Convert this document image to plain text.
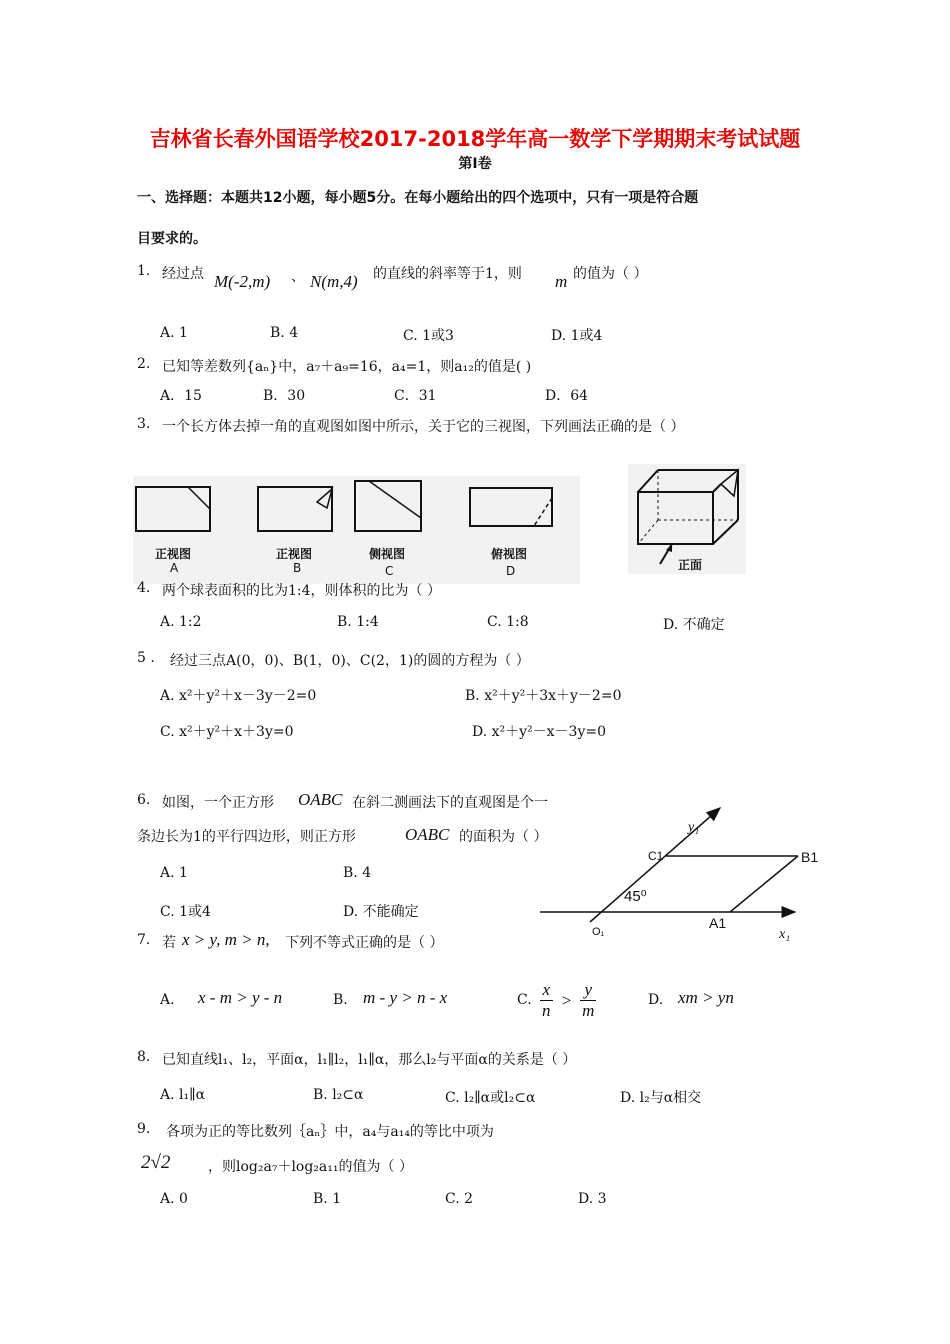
吉林省长春外国语学校2017-2018学年高一数学下学期期末考试试题
第Ⅰ卷
一、选择题：本题共12小题，每小题5分。在每小题给出的四个选项中，只有一项是符合题
目要求的。
1. 经过点 M(-2,m) 、 N(m,4) 的直线的斜率等于1，则 m 的值为（ ）
A. 1	B. 4	C. 1或3	D. 1或4
2. 已知等差数列{aₙ}中，a₇＋a₉=16，a₄=1，则a₁₂的值是( )
A．15	B．30	C．31	D．64
3. 一个长方体去掉一角的直观图如图中所示，关于它的三视图，下列画法正确的是（ ）
正视图
A
正视图
B
侧视图
C
俯视图
D	正面
4. 两个球表面积的比为1:4，则体积的比为（ ）
A. 1:2	B. 1:4	C. 1:8	D. 不确定
5 . 经过三点A(0，0)、B(1，0)、C(2，1)的圆的方程为（ ）
A. x²＋y²＋x－3y－2=0	B. x²＋y²＋3x＋y－2=0
C. x²＋y²＋x＋3y=0	D. x²＋y²－x－3y=0
6. 如图，一个正方形 OABC 在斜二测画法下的直观图是个一
条边长为1的平行四边形，则正方形	OABC 的面积为（ ）
A. 1	B. 4
C. 1或4	D. 不能确定
y₁
C1	B1
45⁰
A1
O₁	x₁
7. 若 x > y, m > n, 下列不等式正确的是（ ）
A. x - m > y - n	B. m - y > n - x	C. $\frac{x}{n} > \frac{y}{m}$	D. xm > yn
8. 已知直线l₁、l₂，平面α，l₁∥l₂，l₁∥α，那么l₂与平面α的关系是（ ）
A. l₁∥α	B. l₂⊂α	C. l₂∥α或l₂⊂α	D. l₂与α相交
9. 各项为正的等比数列｛aₙ｝中，a₄与a₁₄的等比中项为
2√2	，则log₂a₇＋log₂a₁₁的值为（ ）
A. 0	B. 1	C. 2	D. 3
